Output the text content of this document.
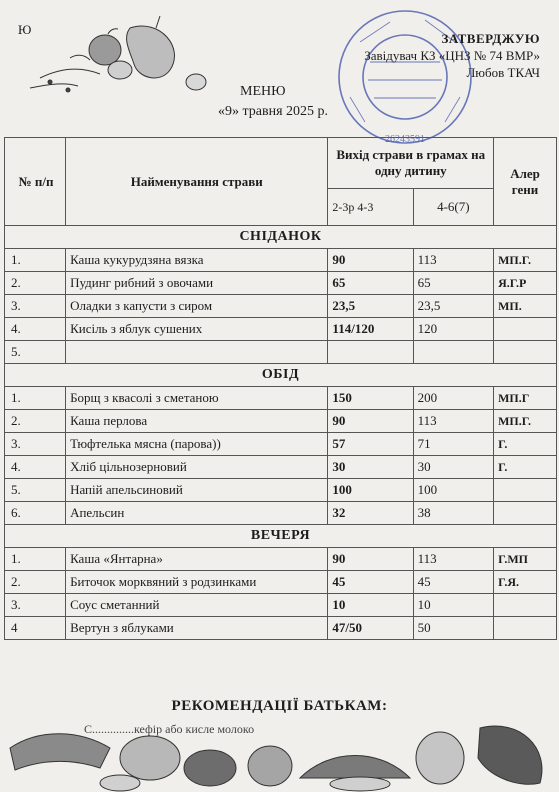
Ю
26243591
ЗАТВЕРДЖУЮ
Завідувач КЗ «ЦНЗ № 74 ВМР»
Любов ТКАЧ
МЕНЮ
«9» травня 2025 р.
№ п/п	Найменування страви	Вихід страви в грамах на одну дитину		Алер гени
		2-3р 4-3	4-6(7)	
СНІДАНОК				
1.	Каша кукурудзяна вязка	90	113	МП.Г.
2.	Пудинг рибний з овочами	65	65	Я.Г.Р
3.	Оладки з капусти з сиром	23,5	23,5	МП.
4.	Кисіль з яблук сушених	114/120	120	
5.				
ОБІД				
1.	Борщ з квасолі з сметаною	150	200	МП.Г
2.	Каша перлова	90	113	МП.Г.
3.	Тюфтелька мясна (парова))	57	71	Г.
4.	Хліб цільнозерновий	30	30	Г.
5.	Напій апельсиновий	100	100	
6.	Апельсин	32	38	
ВЕЧЕРЯ				
1.	Каша «Янтарна»	90	113	Г.МП
2.	Биточок морквяний з родзинками	45	45	Г.Я.
3.	Соус сметанний	10	10	
4	Вертун з яблуками	47/50	50	
РЕКОМЕНДАЦІЇ БАТЬКАМ:
С..............кефір або кисле молоко
